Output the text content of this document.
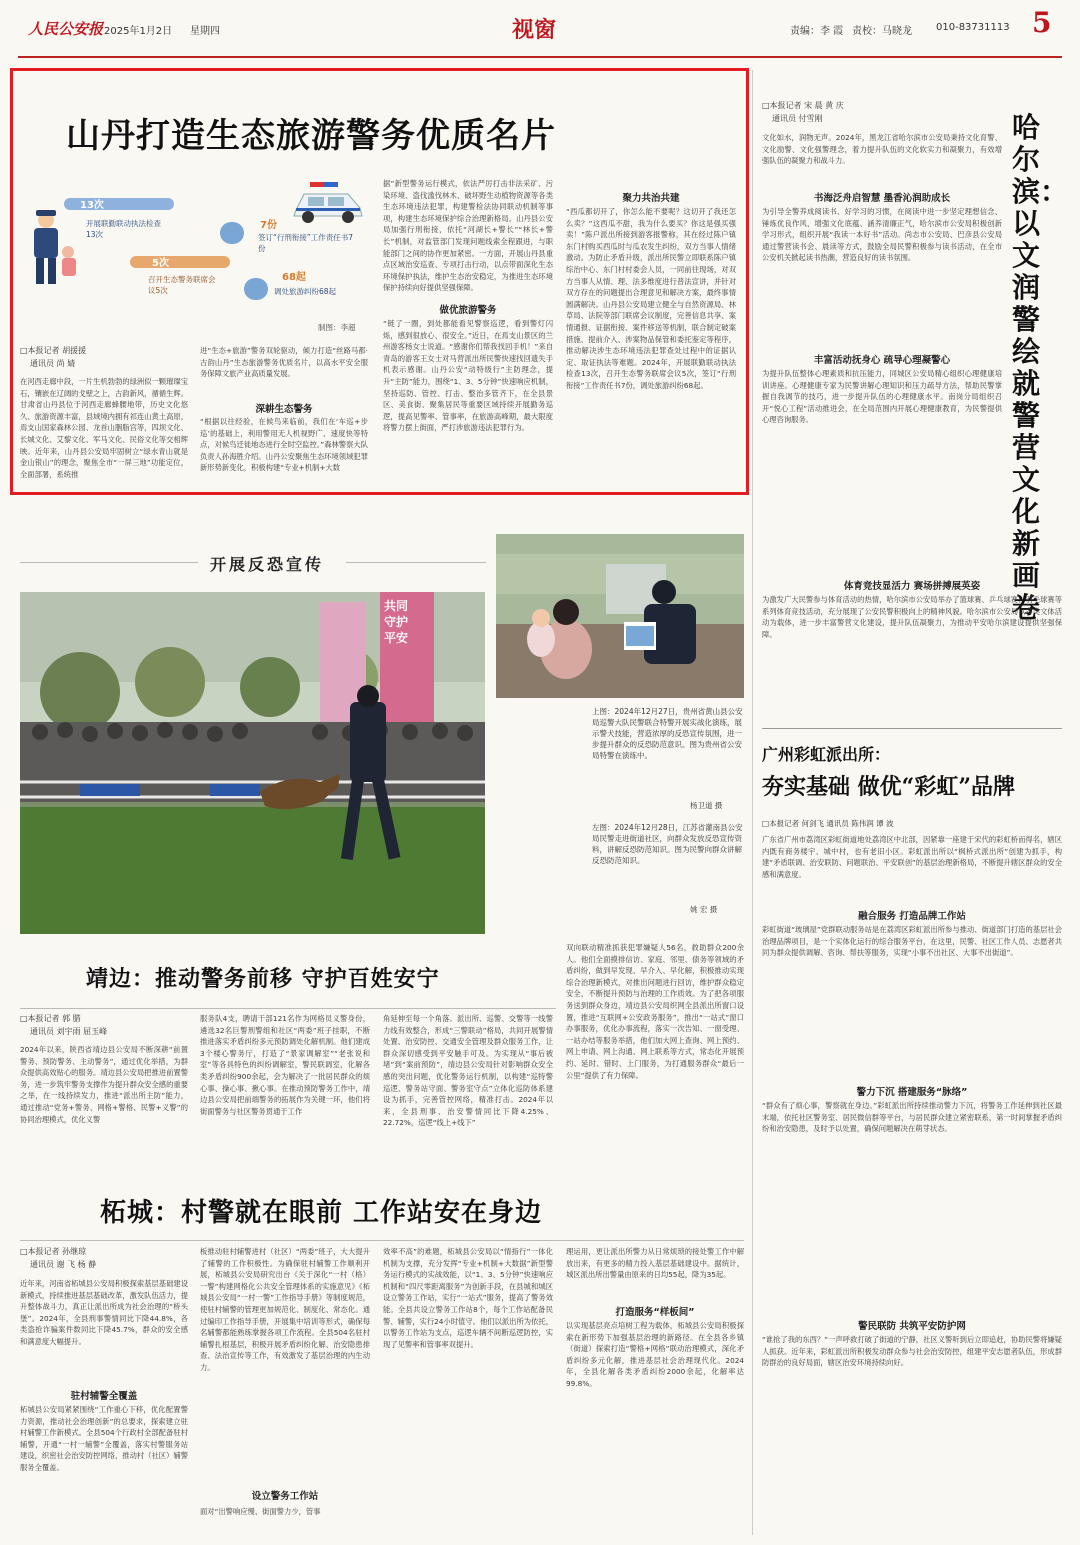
人民公安报 2025年1月2日 星期四	视窗	责编：李 霞 责校：马晓龙 010-83731113 5
山丹打造生态旅游警务优质名片
13次
开展联勤联动执法检查13次
5次
召开生态警务联席会议5次
7份
签订“行刑衔接”工作责任书7份
68起
调处旅游纠纷68起
制图：李超
□本报记者 胡援援
通讯员 尚 婧
在河西走廊中段，一片生机勃勃的绿洲似一颗璀璨宝石，镶嵌在辽阔的戈壁之上，古韵新风，循循生辉。甘肃省山丹县位于河西走廊蜂腰地带，历史文化悠久、旅游资源丰富，县域境内拥有祁连山黄土高原，焉支山国家森林公园、龙首山胭脂宫等，四坝文化、长城文化、艾黎文化、军马文化、民俗文化等交相辉映。近年来，山丹县公安局牢固树立“绿水青山就是金山银山”的理念，聚焦全市“一屏三地”功能定位，全面部署，系统推
进“生态+旅游”警务双轮驱动，倾力打造“丝路马都·古韵山丹”生态旅游警务优质名片，以高水平安全服务保障文旅产业高质量发展。
深耕生态警务
“根据以往经验，在候鸟来临前，我们在‘车巡+步巡’的基础上，利用警用无人机视野广、速度快等特点，对候鸟迁徙地态进行全时空监控。”森林警察大队负责人孙海胜介绍。山丹公安聚焦生态环境领域犯罪新形势新变化，积极构建“专业+机制+大数
据”新型警务运行模式，依法严厉打击非法采矿、污染环境、盗伐滥伐林木、破坏野生动植物资源等各类生态环境违法犯罪，构建警检法协同联动机制等事项，构建生态环境保护综合治理新格局。山丹县公安局加强行刑衔接，依托“河湖长+警长”“林长+警长”机制，对监管部门发现问题线索全程跟进，与职能部门之间的协作更加紧密。一方面，开展山丹县重点区域治安巡查、专项打击行动，以点带面深化生态环境保护执法，维护生态治安稳定，为推进生态环境保护持续向好提供坚强保障。
做优旅游警务
“链了一圈，到处都能看见警察巡逻，看到警灯闪烁，感到很放心、很安全。”近日，在焉支山景区的兰州游客杨女士说道。“感谢你们帮我找回手机！”来自青岛的游客王女士对马营派出所民警快速找回遗失手机表示感谢。山丹公安“动特级行”主防理念，提升“主防”能力，围绕“1、3、5分钟”快速响应机制，坚持巡防、管控、打击、整治多管齐下，在全县景区、美食街、聚集居民等重要区域持续开展勤务巡逻，提高见警率、管事率，在旅游高峰期，最大限度将警力摆上街面，严打涉旅游违法犯罪行为。
聚力共治共建
“西瓜都切开了，你怎么能不要呢？这切开了我还怎么卖？”这西瓜不甜，我为什么要买？你这是强买强卖！”陈户派出所接到游客报警称，其在经过陈户镇东门村购买西瓜时与瓜农发生纠纷，双方当事人情绪激动。为防止矛盾升级，派出所民警立即联系陈户镇综治中心、东门村村委会人员，一同前往现场，对双方当事人从情、理、法多维度进行普法宣讲，并针对双方存在的问题提出合理意见和解决方案，最终事情圆满解决。山丹县公安局建立健全与自然资源局、林草局、法院等部门联席会议制度，完善信息共享、案情通报、证据衔接、案件移送等机制，联合制定破案措施、提前介入、涉案物品保管和委托鉴定等程序，推动解决涉生态环境违法犯罪查处过程中的证据认定、取证执法等难题。2024年，开展联勤联动执法检查13次，召开生态警务联席会议5次，签订“行刑衔接”工作责任书7份，调处旅游纠纷68起。
开展反恐宣传
共同守护平安
上图：2024年12月27日，贵州省黄山县公安局巡警大队民警联合特警开展实战化演练，展示警犬技能，营造浓厚的反恐宣传氛围，进一步提升群众的反恐防范意识。图为贵州省公安局特警在演练中。
杨卫道 摄
左图：2024年12月28日，江苏省灌南县公安局民警走进街道社区，向群众发放反恐宣传资料，讲解反恐防范知识。图为民警向群众讲解反恐防范知识。
姚 宏 摄
双向联动精准抓获犯罪嫌疑人56名，救助群众200余人。他们全面摸排信访、家庭、邻里、债务等领域的矛盾纠纷，做到早发现、早介入、早化解，积极推动实现综合治理新模式，对推出问题进行回访，维护群众稳定安全，不断提升预防与治理的工作质效。为了把各项服务送到群众身边，靖边县公安局织网全县派出所窗口设置，推进“互联网+公安政务服务”，推出“一站式”窗口办事服务，优化办事流程，落实一次告知、一窗受理、一站办结等服务举措，他们加大网上查询、网上预约、网上申请、网上沟通、网上联系等方式，常态化开展预约、延时、错时、上门服务，为打通服务群众“最后一公里”提供了有力保障。
靖边：推动警务前移 守护百姓安宁
□本报记者 郭 腊
通讯员 刘宇雨 屈玉峰
2024年以来，陕西省靖边县公安局不断深耕“前置警务、预防警务、主动警务”，通过优化举措，为群众提供高效贴心的服务。靖边县公安局把推进前置警务，进一步筑牢警务支撑作为提升群众安全感的重要之举，在一线持续发力，推进“派出所主防”能力，通过推动“党务+警务、网格+警格、民警+义警”的协同治理模式，优化义警
服务队4支，聘请干部121名作为网格员义警身份，遴选32名巨警刑警组和社区“两委”班子挂职，不断推进落实矛盾纠纷多元预防调处化解机制。他们建成3个楼心警务厅，打造了“景家调解室”“老张说和室”等各具特色的纠纷调解室，警民联调室，化解各类矛盾纠纷900余起，会为解决了一批居民群众的烦心事、操心事、揪心事。在推动预防警务工作中，靖边县公安局把前端警务的拓展作为关键一环，他们将街面警务与社区警务贯通于工作
角延伸至每一个角落。派出所、巡警、交警等一线警力线有效整合，形成“三警联动”格局，共同开展警情处置、治安防控、交通安全管理及群众服务工作，让群众深切感受到平安触手可及。为实现从“事后被堵”到“案前预防”，靖边县公安局针对影响群众安全感的突出问题，优化警务运行机制，以构建“巡特警巡逻、警务站守面、警务室守点”立体化巡防体系建设为抓手，完善管控网络，精准打击。2024年以来，全县刑事、治安警情同比下降4.25%、22.72%，巡逻“线上+线下”
柘城：村警就在眼前 工作站安在身边
□本报记者 孙继琼
通讯员 谢 飞 杨 静
近年来，河南省柘城县公安局积极探索基层基础建设新模式，持续推进基层基础改革，激发队伍活力，提升整体战斗力，真正让派出所成为社会治理的“桥头堡”。2024年，全县刑事警情同比下降44.8%，各类盗抢诈骗案件数同比下降45.7%，群众的安全感和满意度大幅提升。
驻村辅警全覆盖
柘城县公安局紧紧围绕“工作重心下移，优化配置警力资源，推动社会治理创新”的总要求，探索建立驻村辅警工作新模式。全县504个行政村全部配备驻村辅警，开通“一村一辅警”全覆盖，落实村警服务站建设，织密社会治安防控网络，推动村（社区）辅警服务全覆盖。
板推动驻村辅警进村（社区）“两委”班子，大大提升了辅警的工作积极性。为确保驻村辅警工作顺利开展，柘城县公安局研究出台《关于深化“一村（格）一警”构建网格化公共安全管理体系的实施意见》《柘城县公安局“一村一警”工作指导手册》等制度规范，使驻村辅警的管理更加规范化、制度化、常态化。通过编印工作指导手册，开展集中培训等形式，确保每名辅警都能熟练掌握各项工作流程。全县504名驻村辅警扎根基层，积极开展矛盾纠纷化解、治安隐患排查、法治宣传等工作，有效激发了基层治理的内生动力。
设立警务工作站
面对“出警响应慢、街面警力少，管事
效率不高”的难题，柘城县公安局以“情指行”一体化机制为支撑，充分发挥“专业+机制+大数据”新型警务运行模式的实战效能，以“1、3、5分钟”快速响应机制和“四尺零距离服务”为创新手段，在县城和城区设立警务工作站，实行“一站式”服务，提高了警务效能。全县共设立警务工作站8个，每个工作站配备民警、辅警，实行24小时值守。他们以派出所为依托，以警务工作站为支点，巡逻车辆不间断巡逻防控，实现了见警率和管事率双提升。
理运用，更让派出所警力从日常烦琐的接处警工作中解放出来，有更多的精力投入基层基础建设中。据统计，城区派出所出警量由原来的日均55起，降为35起。
打造服务“样板间”
以实现基层亮点培树工程为载体，柘城县公安局积极探索在新形势下加强基层治理的新路径。在全县各乡镇（街道）探索打造“警格+网格”联动治理模式，深化矛盾纠纷多元化解，推进基层社会治理现代化。2024年，全县化解各类矛盾纠纷2000余起，化解率达99.8%。
□本报记者 宋 晨 黄 庆
通讯员 付雪刚	哈尔滨：以文润警 绘就警营文化新画卷
文化如水，润物无声。2024年，黑龙江省哈尔滨市公安局秉持文化育警、文化励警、文化强警理念，着力提升队伍的文化软实力和凝聚力，有效增强队伍的凝聚力和战斗力。
书海泛舟启智慧 墨香沁润助成长
为引导全警养成阅读书、好学习的习惯，在阅读中进一步坚定理想信念、锤炼优良作风、增强文化底蕴、涵养清廉正气，哈尔滨市公安局积极创新学习形式，组织开展“我读一本好书”活动。尚志市公安局、巴彦县公安局通过警营读书会、晨读等方式，鼓励全局民警积极参与读书活动，在全市公安机关掀起读书热潮，营造良好的读书氛围。
丰富活动抚身心 疏导心理凝警心
为提升队伍整体心理素质和抗压能力，同城区公安局精心组织心理健康培训讲座。心理健康专家为民警讲解心理知识和压力疏导方法，帮助民警掌握自我调节的技巧，进一步提升队伍的心理健康水平。南岗分局组织召开“悦心工程”活动推进会，在全局范围内开展心理健康教育，为民警提供心理咨询服务。
体育竞技显活力 赛场拼搏展英姿
为激发广大民警参与体育活动的热情，哈尔滨市公安局举办了篮球赛、乒乓球赛、羽毛球赛等系列体育竞技活动，充分展现了公安民警积极向上的精神风貌。哈尔滨市公安局以各类文体活动为载体，进一步丰富警营文化建设，提升队伍凝聚力，为推动平安哈尔滨建设提供坚强保障。
广州彩虹派出所：
夯实基础 做优“彩虹”品牌
□本报记者 何剑飞 通讯员 陈伟润 谭 波
广东省广州市荔湾区彩虹街道地处荔湾区中北部，因紧靠一座建于宋代的彩虹桥而得名，辖区内既有商务楼宇、城中村，也有老旧小区。彩虹派出所以“枫桥式派出所”创建为抓手，构建“矛盾联调、治安联防、问题联治、平安联创”的基层治理新格局，不断提升辖区群众的安全感和满意度。
融合服务 打造品牌工作站
彩虹街道“玻璃屋”党群联动服务站是在荔湾区彩虹派出所参与推动、街道部门打造的基层社会治理品牌项目，是一个实体化运行的综合服务平台，在这里，民警、社区工作人员、志愿者共同为群众提供调解、咨询、帮扶等服务，实现“小事不出社区、大事不出街道”。
警力下沉 搭建服务“脉络”
“群众有了烦心事，警察就在身边。”彩虹派出所持续推动警力下沉，将警务工作延伸到社区最末端，依托社区警务室、居民微信群等平台，与居民群众建立紧密联系，第一时间掌握矛盾纠纷和治安隐患，及时予以处置，确保问题解决在萌芽状态。
警民联防 共筑平安防护网
“谁抢了我的东西？”一声呼救打破了街道的宁静，社区义警听到后立即追赶，协助民警将嫌疑人抓获。近年来，彩虹派出所积极发动群众参与社会治安防控，组建平安志愿者队伍，形成群防群治的良好局面，辖区治安环境持续向好。
